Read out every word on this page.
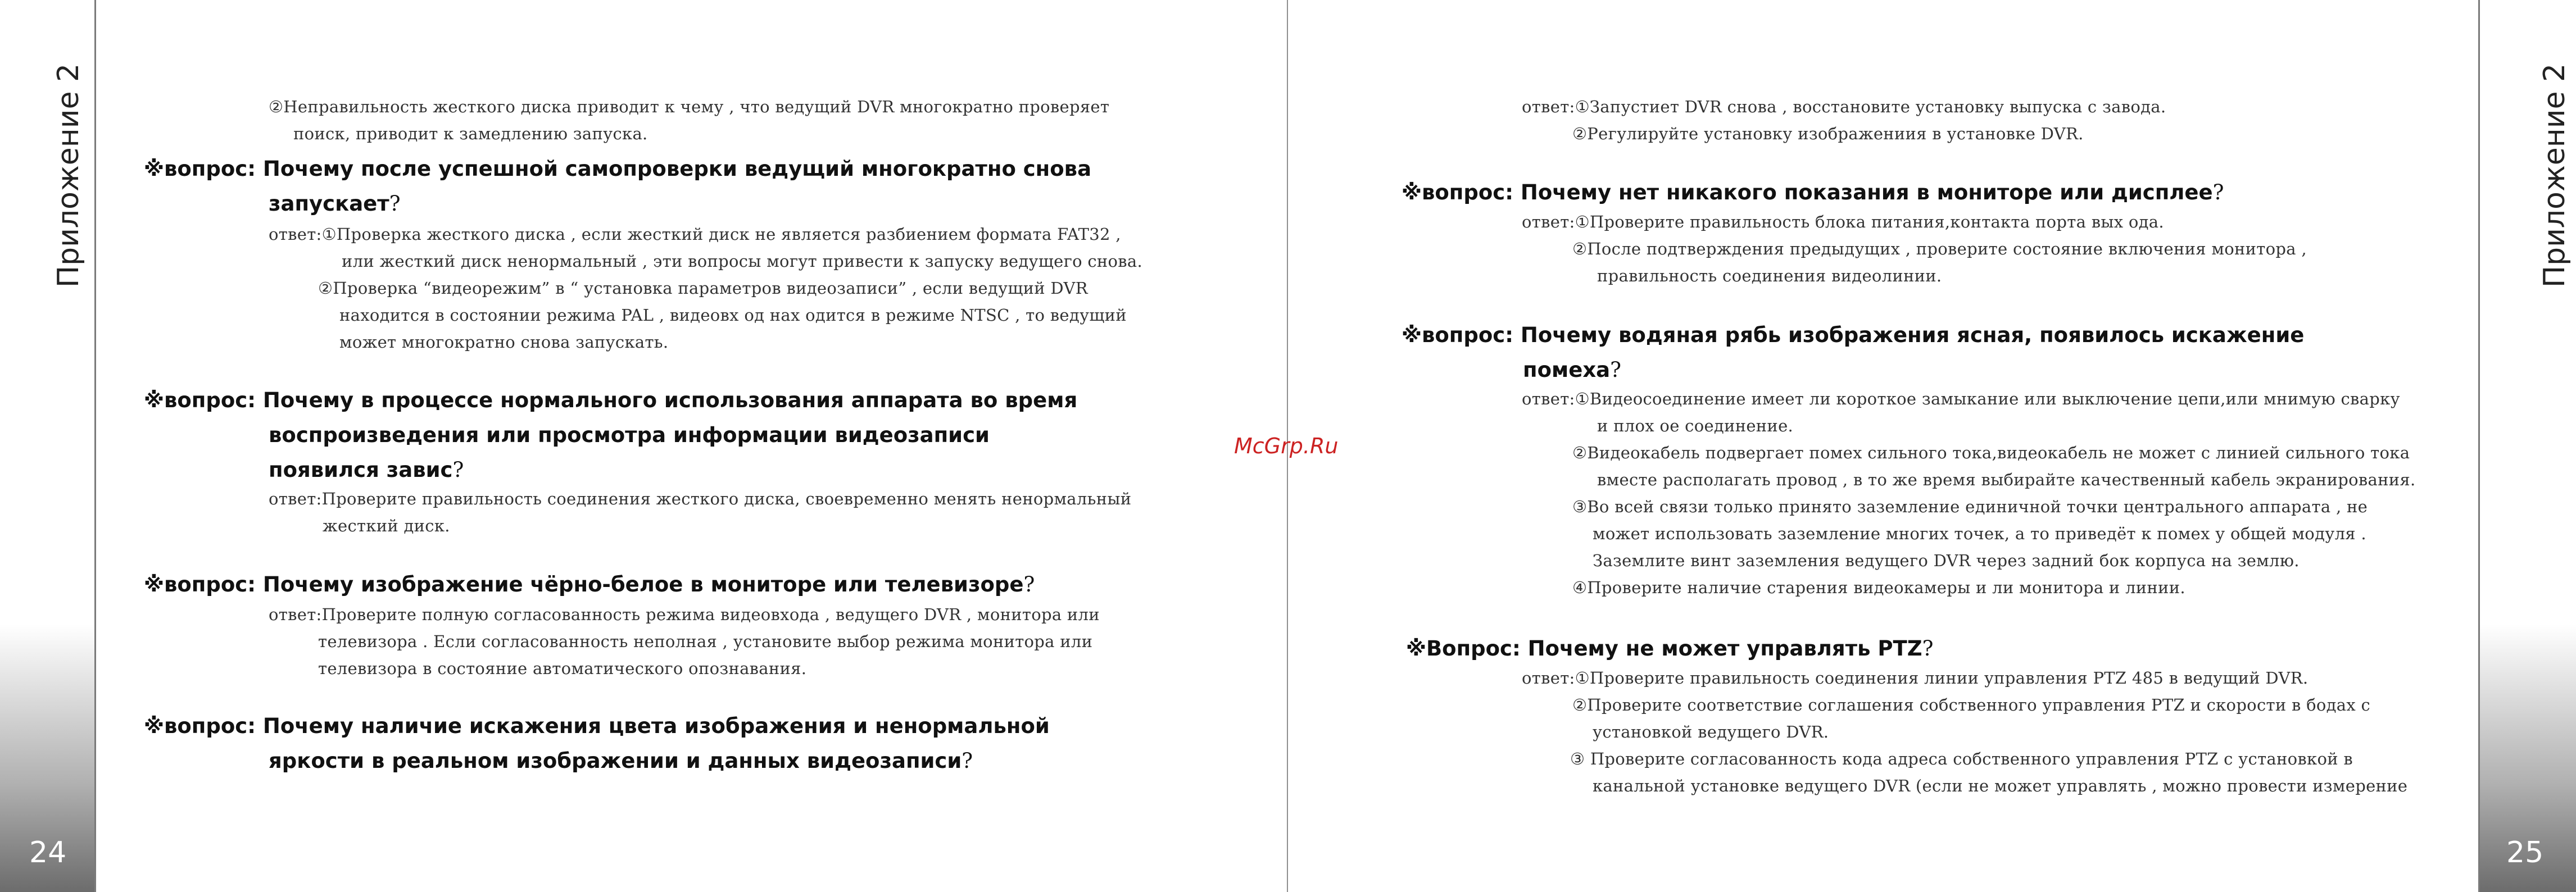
Приложение 2	Приложение 2
24	25
McGrp.Ru
②Неправильность жесткого диска приводит к чему , что ведущий DVR многократно проверяет
поиск, приводит к замедлению запуска.
※вопрос: Почему после успешной самопроверки ведущий многократно снова
запускает?
ответ:①Проверка жесткого диска , если жесткий диск не является разбиением формата FAT32 ,
или жесткий диск ненормальный , эти вопросы могут привести к запуску ведущего снова.
②Проверка “видеорежим” в “ установка параметров видеозаписи” , если ведущий DVR
находится в состоянии режима PAL , видеовх од нах одится в режиме NTSC , то ведущий
может многократно снова запускать.
※вопрос: Почему в процессе нормального использования аппарата во время
воспроизведения или просмотра информации видеозаписи
появился завис?
ответ:Проверите правильность соединения жесткого диска, своевременно менять ненормальный
жесткий диск.
※вопрос: Почему изображение чёрно-белое в мониторе или телевизоре?
ответ:Проверите полную согласованность режима видеовхода , ведущего DVR , монитора или
телевизора . Если согласованность неполная , установите выбор режима монитора или
телевизора в состояние автоматического опознавания.
※вопрос: Почему наличие искажения цвета изображения и ненормальной
яркости в реальном изображении и данных видеозаписи?
ответ:①Запустиет DVR снова , восстановите установку выпуска с завода.
②Регулируйте установку изображениия в установке DVR.
※вопрос: Почему нет никакого показания в мониторе или дисплее?
ответ:①Проверите правильность блока питания,контакта порта вых ода.
②После подтверждения предыдущих , проверите состояние включения монитора ,
правильность соединения видеолинии.
※вопрос: Почему водяная рябь изображения ясная, появилось искажение
помеха?
ответ:①Видеосоединение имеет ли короткое замыкание или выключение цепи,или мнимую сварку
и плох ое соединение.
②Видеокабель подвергает помех сильного тока,видеокабель не может с линией сильного тока
вместе располагать провод , в то же время выбирайте качественный кабель экранирования.
③Во всей связи только принято заземление единичной точки центрального аппарата , не
может использовать заземление многих точек, а то приведёт к помех у общей модуля .
Заземлите винт заземления ведущего DVR через задний бок корпуса на землю.
④Проверите наличие старения видеокамеры и ли монитора и линии.
※Вопрос: Почему не может управлять PTZ?
ответ:①Проверите правильность соединения линии управления PTZ 485 в ведущий DVR.
②Проверите соответствие соглашения собственного управления PTZ и скорости в бодах с
установкой ведущего DVR.
③ Проверите согласованность кода адреса собственного управления PTZ с установкой в
канальной установке ведущего DVR (если не может управлять , можно провести измерение
